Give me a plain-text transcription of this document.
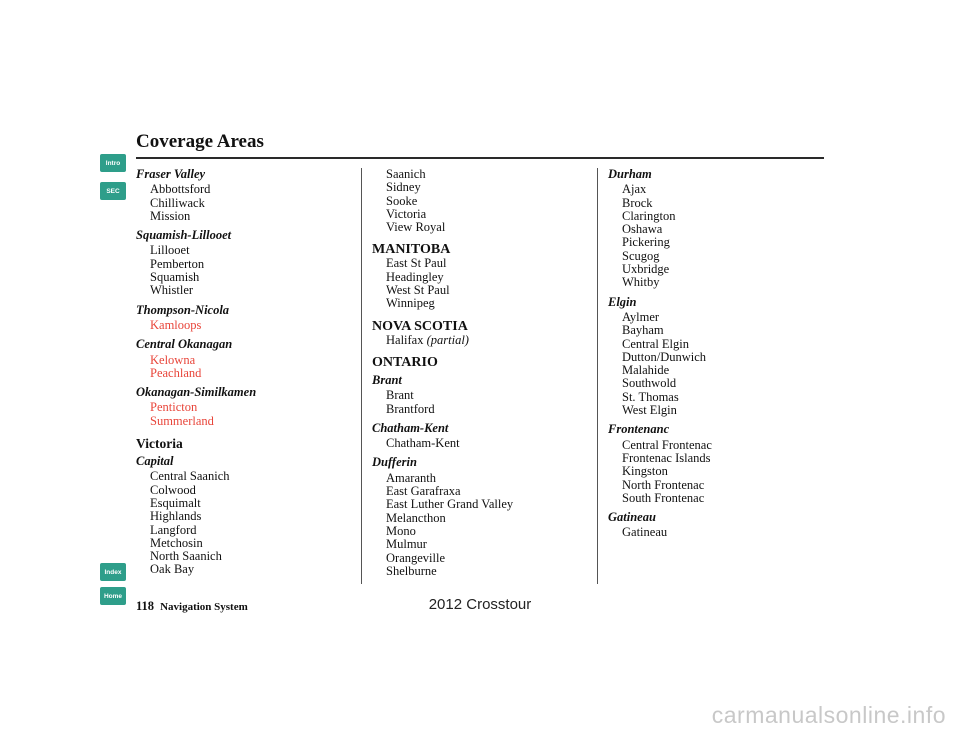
Intro
SEC
Index
Home
Coverage Areas
Fraser Valley
Abbottsford
Chilliwack
Mission
Squamish-Lillooet
Lillooet
Pemberton
Squamish
Whistler
Thompson-Nicola
Kamloops
Central Okanagan
Kelowna
Peachland
Okanagan-Similkamen
Penticton
Summerland
Victoria
Capital
Central Saanich
Colwood
Esquimalt
Highlands
Langford
Metchosin
North Saanich
Oak Bay
Saanich
Sidney
Sooke
Victoria
View Royal
MANITOBA
East St Paul
Headingley
West St Paul
Winnipeg
NOVA SCOTIA
Halifax (partial)
ONTARIO
Brant
Brant
Brantford
Chatham-Kent
Chatham-Kent
Dufferin
Amaranth
East Garafraxa
East Luther Grand Valley
Melancthon
Mono
Mulmur
Orangeville
Shelburne
Durham
Ajax
Brock
Clarington
Oshawa
Pickering
Scugog
Uxbridge
Whitby
Elgin
Aylmer
Bayham
Central Elgin
Dutton/Dunwich
Malahide
Southwold
St. Thomas
West Elgin
Frontenanc
Central Frontenac
Frontenac Islands
Kingston
North Frontenac
South Frontenac
Gatineau
Gatineau
118 Navigation System	2012 Crosstour
carmanualsonline.info
